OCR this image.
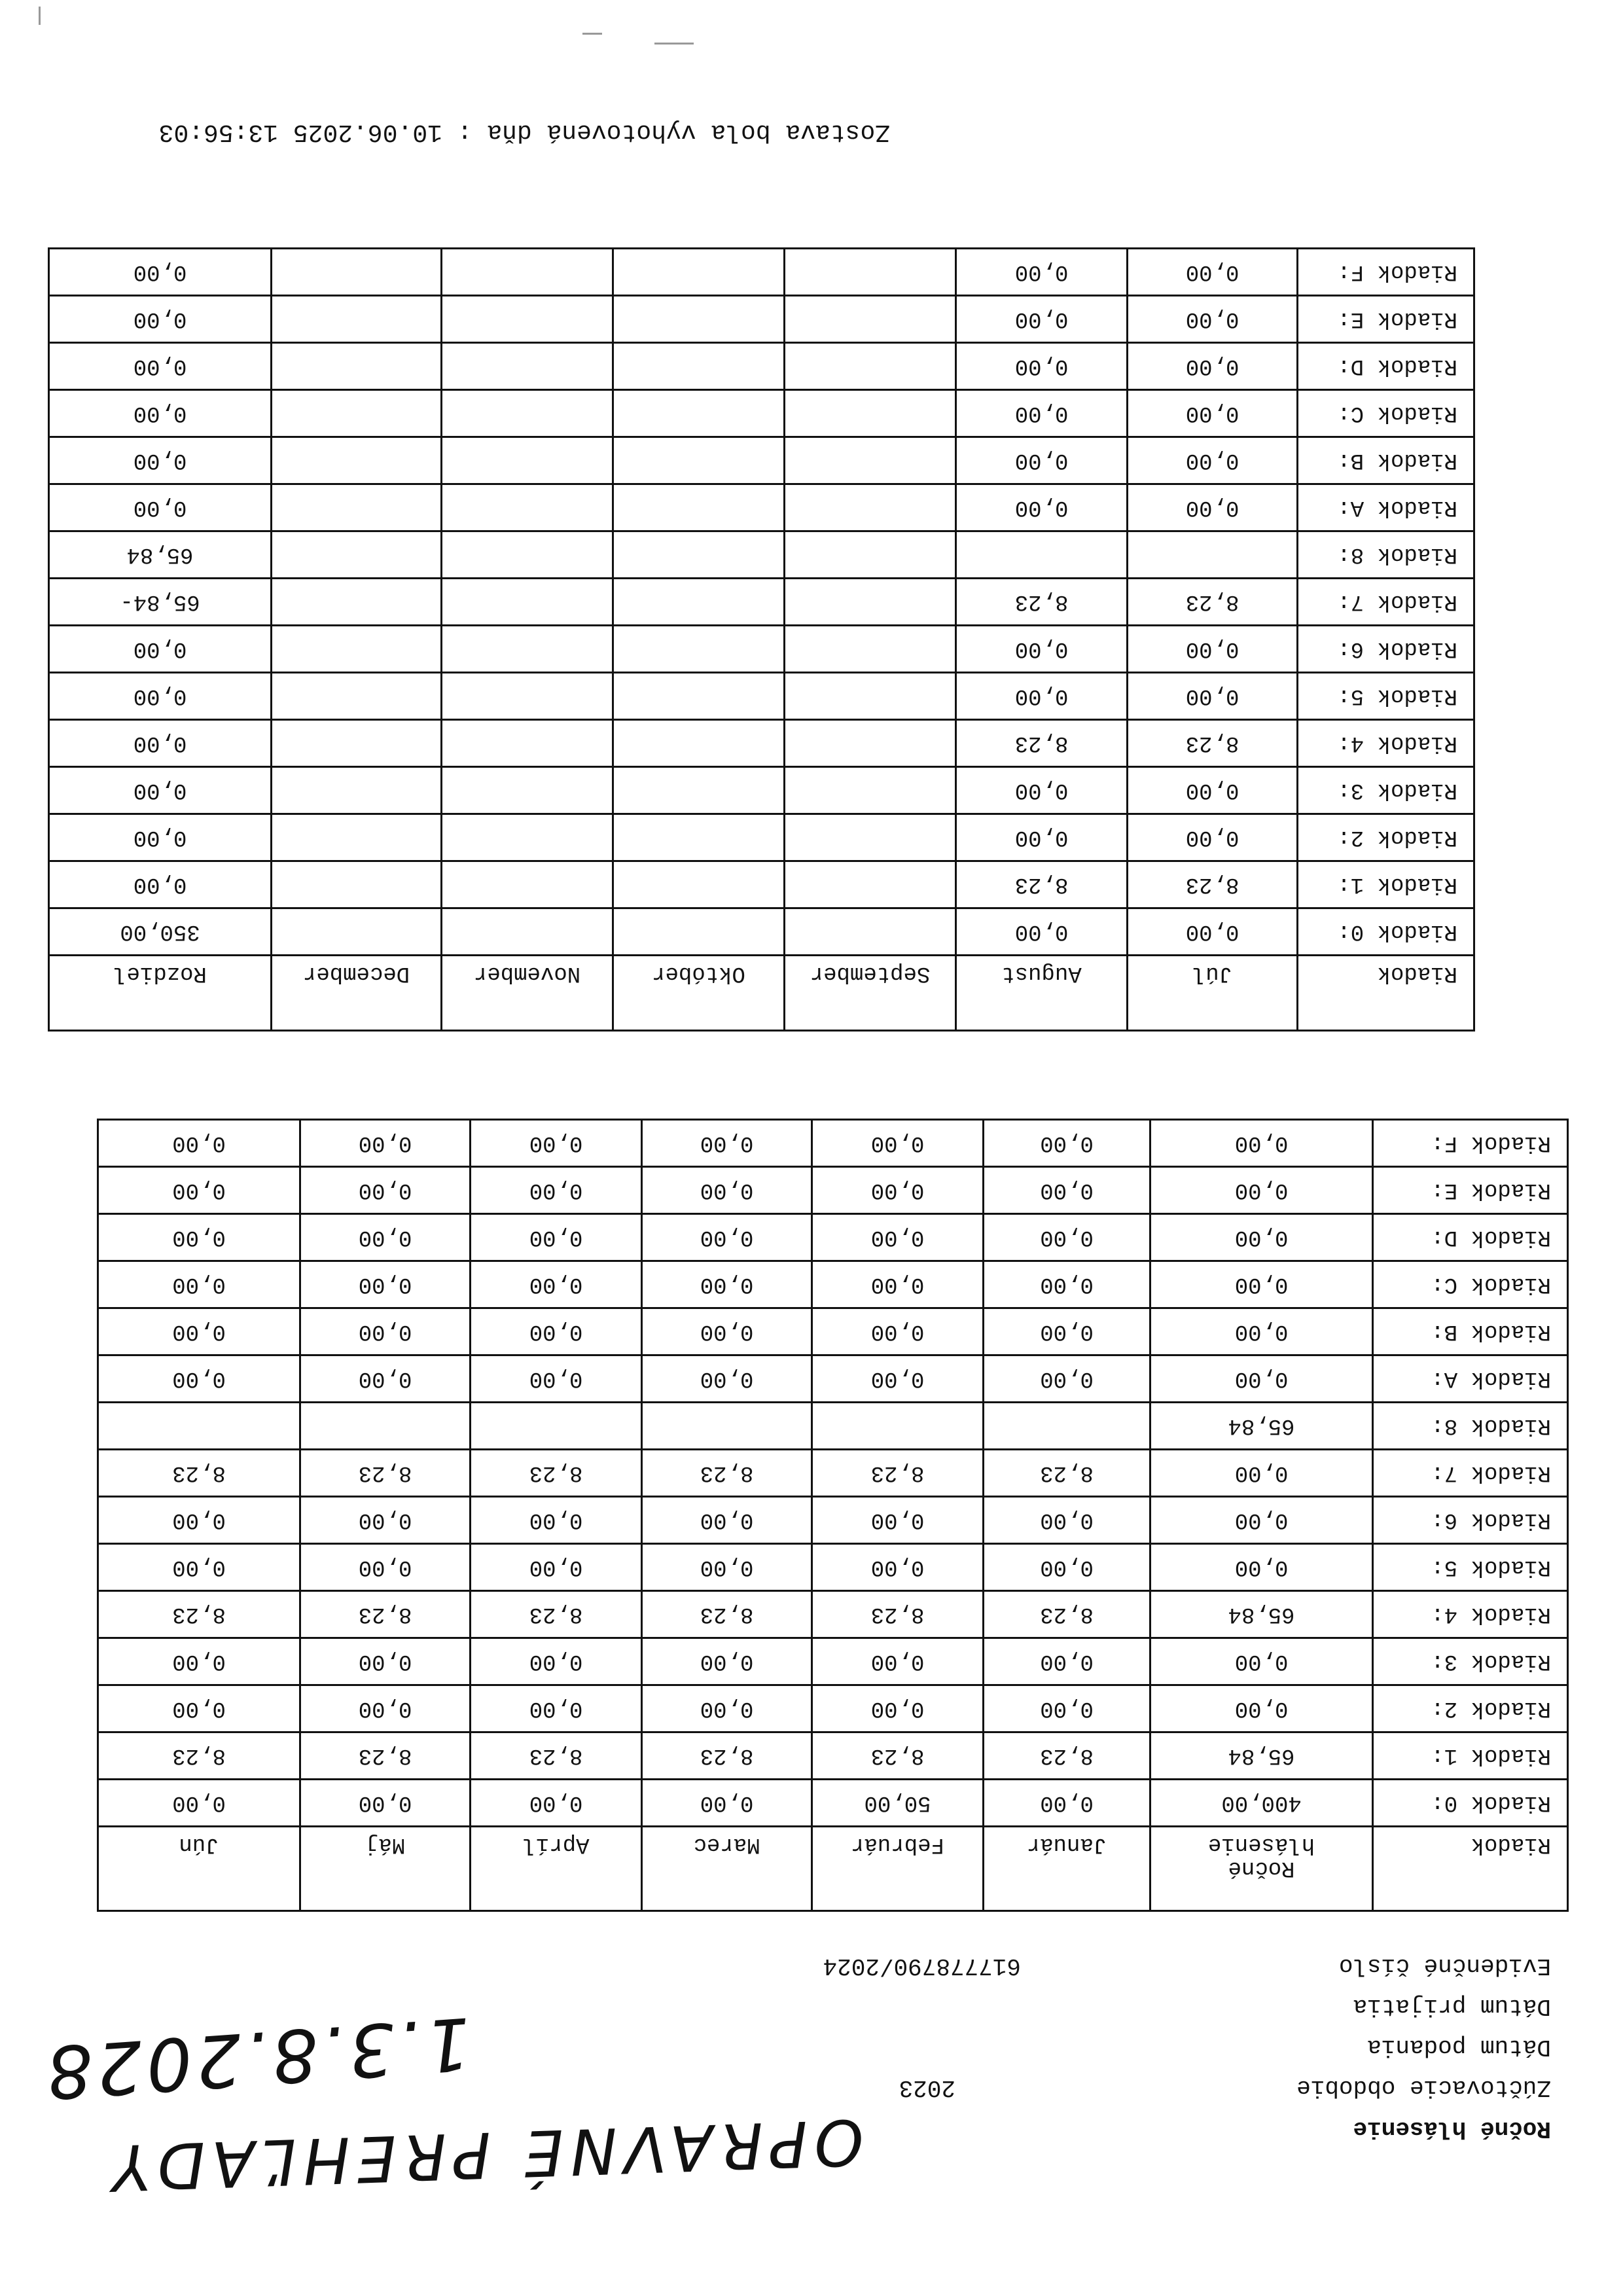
OPRAVNÉ PREHĽADY
1.3.8.2028
Ročné hlásenie
Zúčtovacie obdobie
2023
Dátum podania
Dátum prijatia
Evidenčné číslo
617778790/2024
Riadok	Ročné
hlásenie	Január	Február	Marec	Apríl	Máj	Jún
Riadok 0:	400,00	0,00	50,00	0,00	0,00	0,00	0,00
Riadok 1:	65,84	8,23	8,23	8,23	8,23	8,23	8,23
Riadok 2:	0,00	0,00	0,00	0,00	0,00	0,00	0,00
Riadok 3:	0,00	0,00	0,00	0,00	0,00	0,00	0,00
Riadok 4:	65,84	8,23	8,23	8,23	8,23	8,23	8,23
Riadok 5:	0,00	0,00	0,00	0,00	0,00	0,00	0,00
Riadok 6:	0,00	0,00	0,00	0,00	0,00	0,00	0,00
Riadok 7:	0,00	8,23	8,23	8,23	8,23	8,23	8,23
Riadok 8:	65,84						
Riadok A:	0,00	0,00	0,00	0,00	0,00	0,00	0,00
Riadok B:	0,00	0,00	0,00	0,00	0,00	0,00	0,00
Riadok C:	0,00	0,00	0,00	0,00	0,00	0,00	0,00
Riadok D:	0,00	0,00	0,00	0,00	0,00	0,00	0,00
Riadok E:	0,00	0,00	0,00	0,00	0,00	0,00	0,00
Riadok F:	0,00	0,00	0,00	0,00	0,00	0,00	0,00
Riadok	Júl	August	September	Október	November	December	Rozdiel
Riadok 0:	0,00	0,00					350,00
Riadok 1:	8,23	8,23					0,00
Riadok 2:	0,00	0,00					0,00
Riadok 3:	0,00	0,00					0,00
Riadok 4:	8,23	8,23					0,00
Riadok 5:	0,00	0,00					0,00
Riadok 6:	0,00	0,00					0,00
Riadok 7:	8,23	8,23					65,84-
Riadok 8:							65,84
Riadok A:	0,00	0,00					0,00
Riadok B:	0,00	0,00					0,00
Riadok C:	0,00	0,00					0,00
Riadok D:	0,00	0,00					0,00
Riadok E:	0,00	0,00					0,00
Riadok F:	0,00	0,00					0,00
Zostava bola vyhotovená dňa : 10.06.2025 13:56:03
